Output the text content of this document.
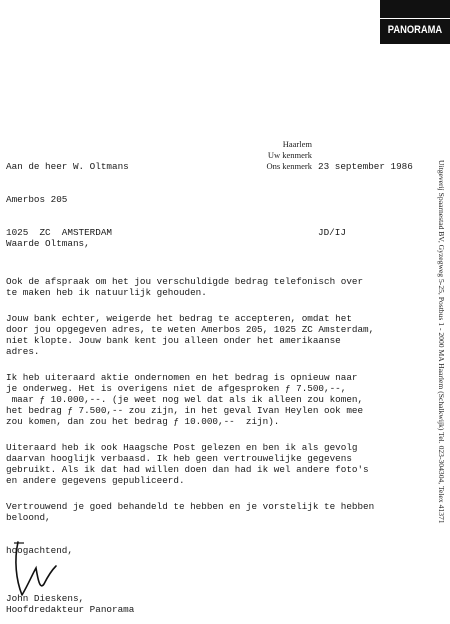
PANORAMA

Aan de heer W. Oltmans

Amerbos 205

1025  ZC  AMSTERDAM

Haarlem
Uw kenmerk
Ons kenmerk

23 september 1986

JD/IJ

	Uitgeverij Spaarnestad BV, Gyzegweg 5-25, Postbus 1 - 2000 MA Haarlem (Schalkwijk) Tel. 023-304304, Telex 41371
Waarde Oltmans,
Ook de afspraak om het jou verschuldigde bedrag telefonisch over
te maken heb ik natuurlijk gehouden.
Jouw bank echter, weigerde het bedrag te accepteren, omdat het
door jou opgegeven adres, te weten Amerbos 205, 1025 ZC Amsterdam,
niet klopte. Jouw bank kent jou alleen onder het amerikaanse
adres.
Ik heb uiteraard aktie ondernomen en het bedrag is opnieuw naar
je onderweg. Het is overigens niet de afgesproken ƒ 7.500,--,
maar ƒ 10.000,--. (je weet nog wel dat als ik alleen zou komen,
het bedrag ƒ 7.500,-- zou zijn, in het geval Ivan Heylen ook mee
zou komen, dan zou het bedrag ƒ 10.000,--  zijn).
Uiteraard heb ik ook Haagsche Post gelezen en ben ik als gevolg
daarvan hooglijk verbaasd. Ik heb geen vertrouwelijke gegevens
gebruikt. Als ik dat had willen doen dan had ik wel andere foto's
en andere gegevens gepubliceerd.
Vertrouwend je goed behandeld te hebben en je vorstelijk te hebben
beloond,
hoogachtend,
John Dieskens,
Hoofdredakteur Panorama
